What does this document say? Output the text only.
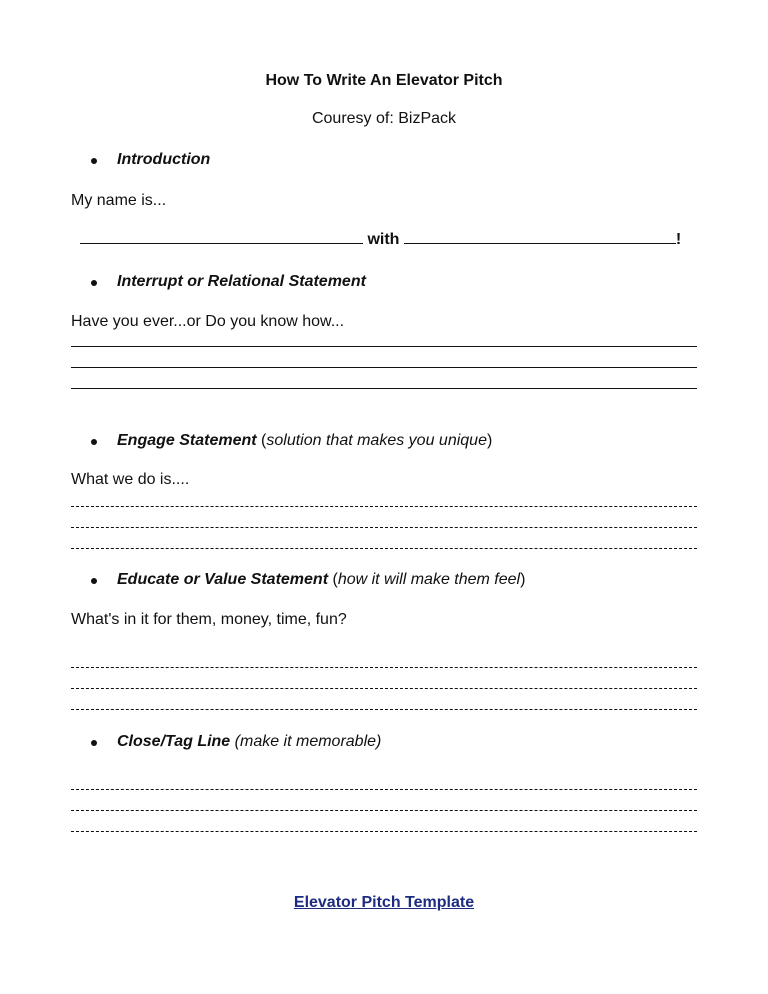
How To Write An Elevator Pitch
Couresy of: BizPack
Introduction
My name is...
with	!
Interrupt or Relational Statement
Have you ever...or Do you know how...
Engage Statement (solution that makes you unique)
What we do is....
Educate or Value Statement (how it will make them feel)
What's in it for them, money, time, fun?
Close/Tag Line (make it memorable)
Elevator Pitch Template
